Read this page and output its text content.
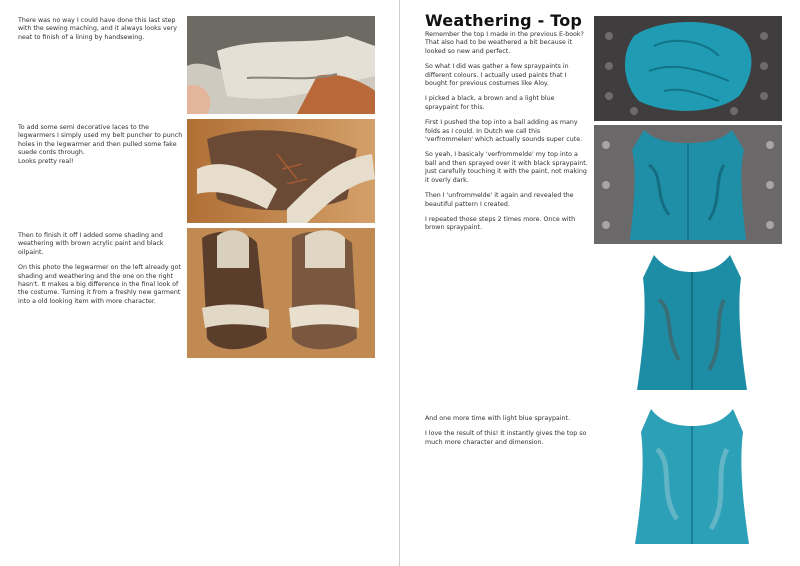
There was no way I could have done this last step with the sewing maching, and it always looks very neat to finish of a lining by handsewing.

To add some semi decorative laces to the legwarmers I simply used my belt puncher to punch holes in the legwarmer and then pulled some fake suede cords through.
Looks pretty real!

Then to finish it off I added some shading and weathering with brown acrylic paint and black oilpaint.

On this photo the legwarmer on the left already got shading and weathering and the one on the right hasn't. It makes a big difference in the final look of the costume. Turning it from a freshly new garment into a old looking item with more character.

Weathering - Top

Remember the top I made in the previous E-book? That also had to be weathered a bit because it looked so new and perfect.

So what I did was gather a few spraypaints in different colours. I actually used paints that I bought for previous costumes like Aloy.

I picked a black, a brown and a light blue spraypaint for this.

First I pushed the top into a ball adding as many folds as I could. In Dutch we call this 'verfrommelen' which actually sounds super cute.

So yeah, I basicaly 'verfrommelde' my top into a ball and then sprayed over it with black spraypaint. Just carefully touching it with the paint, not making it overly dark.

Then I 'unfrommelde' it again and revealed the beautiful pattern I created.

I repeated those steps 2 times more. Once with brown spraypaint.

And one more time with light blue spraypaint.

I love the result of this! It instantly gives the top so much more character and dimension.
